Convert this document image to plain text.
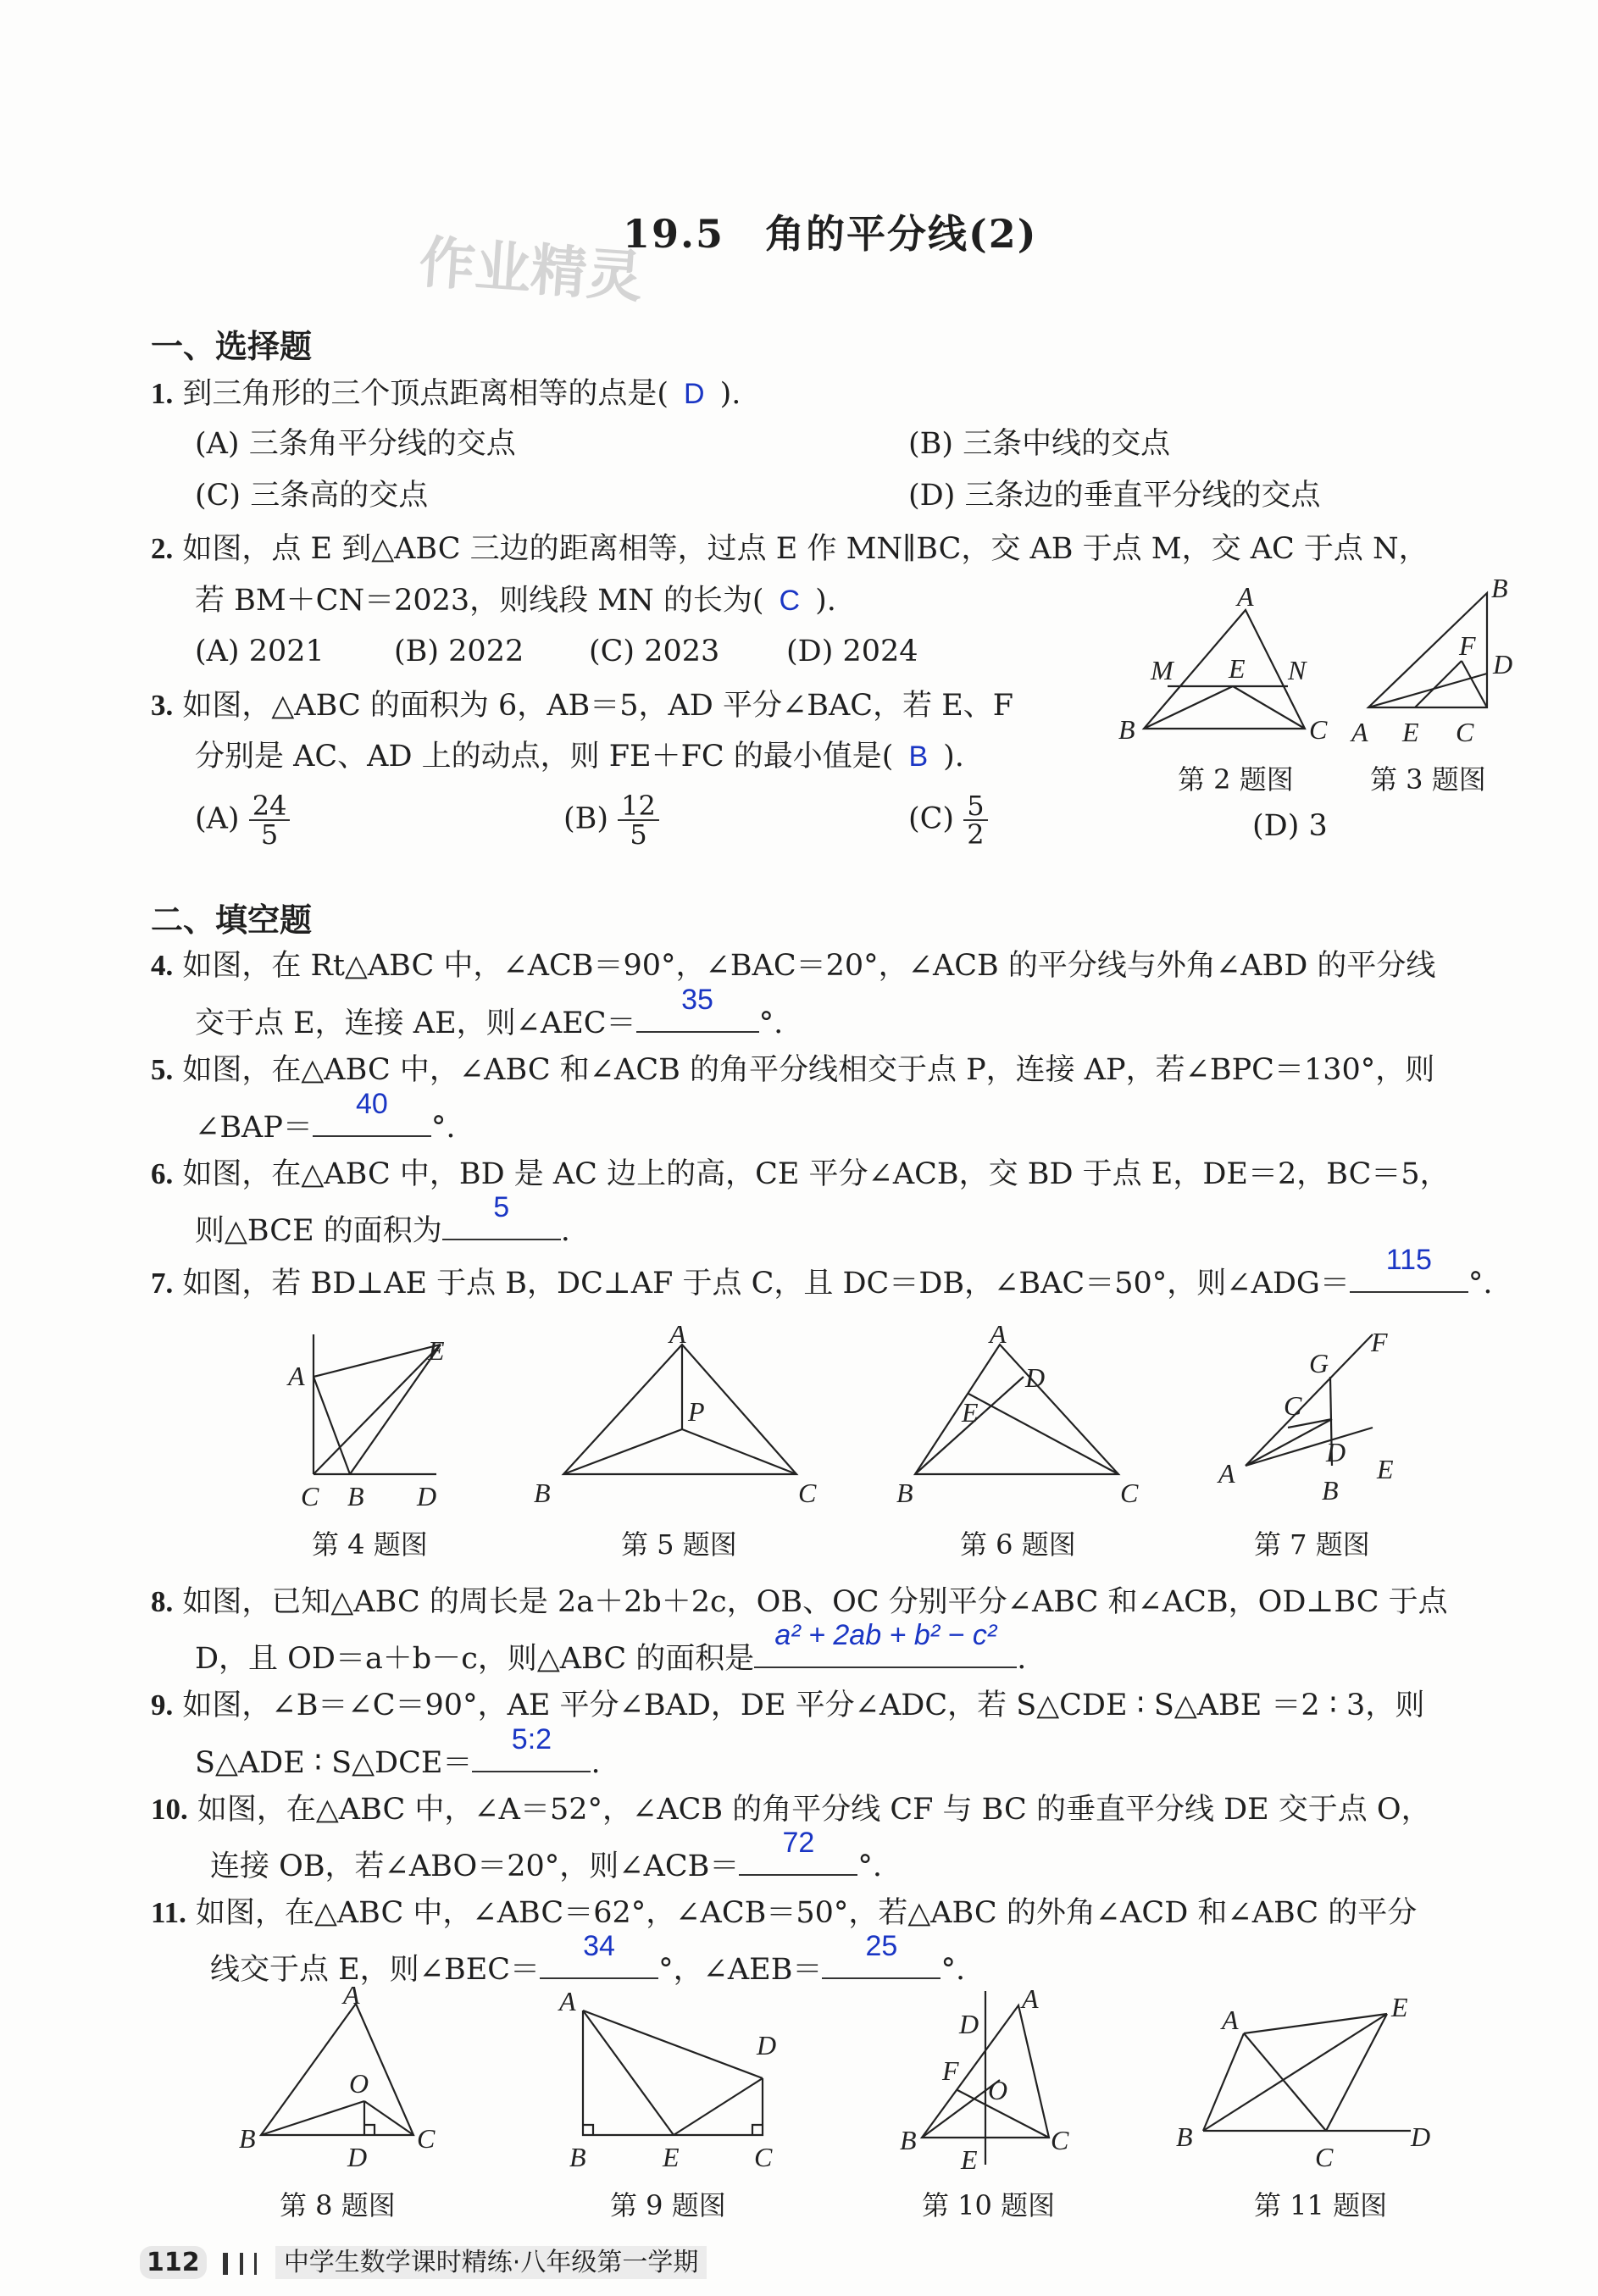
19.5　角的平分线(2)
作业精灵
一、选择题
1. 到三角形的三个顶点距离相等的点是( D ).
(A) 三条角平分线的交点	(B) 三条中线的交点
(C) 三条高的交点	(D) 三条边的垂直平分线的交点
2. 如图，点 E 到△ABC 三边的距离相等，过点 E 作 MN∥BC，交 AB 于点 M，交 AC 于点 N，
若 BM＋CN＝2023，则线段 MN 的长为( C ).
(A) 2021 (B) 2022 (C) 2023 (D) 2024
3. 如图，△ABC 的面积为 6，AB＝5，AD 平分∠BAC，若 E、F
分别是 AC、AD 上的动点，则 FE＋FC 的最小值是( B ).
$(A) \frac{24}{5}$	$(B) \frac{12}{5}$	$(C) \frac{5}{2}$	(D) 3
A
B	C
M E N
B
A E C
F
D
第 2 题图	第 3 题图
二、填空题
4. 如图，在 Rt△ABC 中，∠ACB＝90°，∠BAC＝20°，∠ACB 的平分线与外角∠ABD 的平分线
交于点 E，连接 AE，则∠AEC＝
35
°.
5. 如图，在△ABC 中，∠ABC 和∠ACB 的角平分线相交于点 P，连接 AP，若∠BPC＝130°，则
∠BAP＝
40
°.
6. 如图，在△ABC 中，BD 是 AC 边上的高，CE 平分∠ACB，交 BD 于点 E，DE＝2，BC＝5，
则△BCE 的面积为
5
.
7. 如图，若 BD⊥AE 于点 B，DC⊥AF 于点 C，且 DC＝DB，∠BAC＝50°，则∠ADG＝
115
°.
A
C B D
E
A
B	C
P
A
B	C
D
E
A
B
C
D
E
F
G
第 4 题图	第 5 题图	第 6 题图	第 7 题图
8. 如图，已知△ABC 的周长是 2a＋2b＋2c，OB、OC 分别平分∠ABC 和∠ACB，OD⊥BC 于点
D，且 OD＝a＋b－c，则△ABC 的面积是
a² + 2ab + b² − c²
.
9. 如图，∠B＝∠C＝90°，AE 平分∠BAD，DE 平分∠ADC，若 S△CDE ∶ S△ABE ＝2 ∶ 3，则
S△ADE ∶ S△DCE＝
5:2
.
10. 如图，在△ABC 中，∠A＝52°，∠ACB 的角平分线 CF 与 BC 的垂直平分线 DE 交于点 O，
连接 OB，若∠ABO＝20°，则∠ACB＝
72
°.
11. 如图，在△ABC 中，∠ABC＝62°，∠ACB＝50°，若△ABC 的外角∠ACD 和∠ABC 的平分
线交于点 E，则∠BEC＝
34
°，∠AEB＝
25
°.
A
B	C
D
O
A
B	E	C
D
A
B	C
D
E
F
O
B
A
C
D
E
第 8 题图	第 9 题图	第 10 题图	第 11 题图
112	中学生数学课时精练·八年级第一学期
